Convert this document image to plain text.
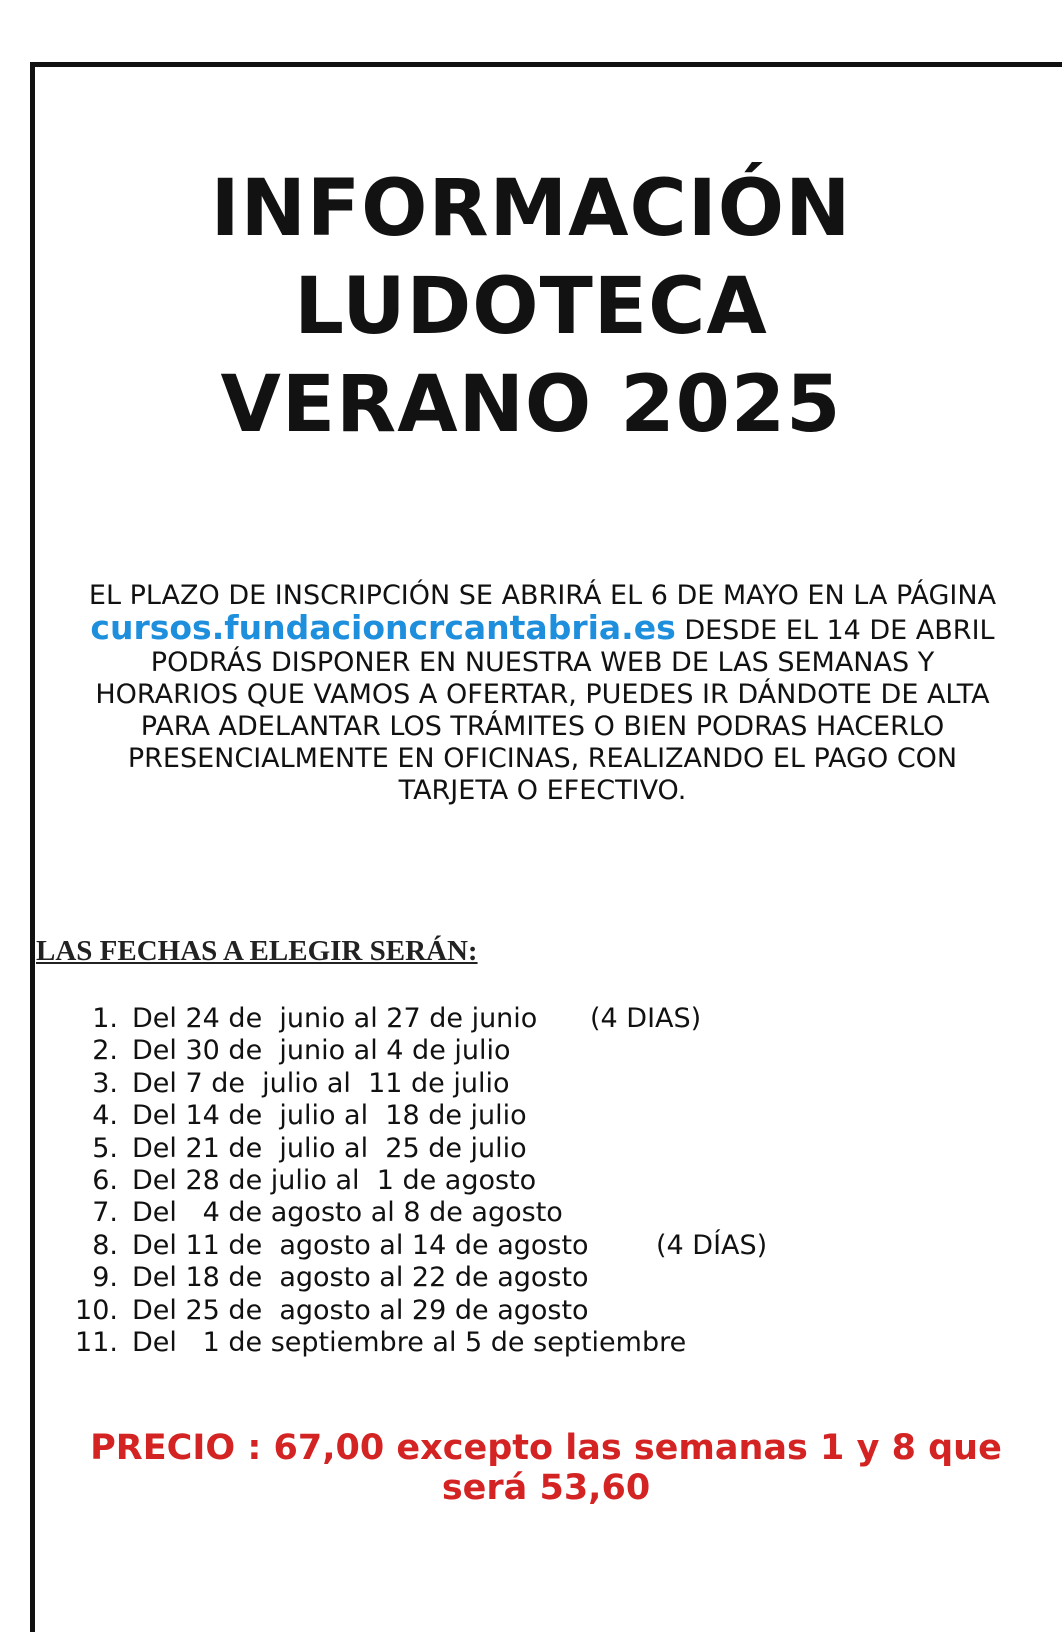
INFORMACIÓN
LUDOTECA
VERANO 2025
EL PLAZO DE INSCRIPCIÓN SE ABRIRÁ EL 6 DE MAYO EN LA PÁGINA
cursos.fundacioncrcantabria.es DESDE EL 14 DE ABRIL
PODRÁS DISPONER EN NUESTRA WEB DE LAS SEMANAS Y
HORARIOS QUE VAMOS A OFERTAR, PUEDES IR DÁNDOTE DE ALTA
PARA ADELANTAR LOS TRÁMITES O BIEN PODRAS HACERLO
PRESENCIALMENTE EN OFICINAS, REALIZANDO EL PAGO CON
TARJETA O EFECTIVO.
LAS FECHAS A ELEGIR SERÁN:
1. Del 24 de  junio al 27 de junio (4 DIAS)
2. Del 30 de  junio al 4 de julio
3. Del 7 de  julio al  11 de julio
4. Del 14 de  julio al  18 de julio
5. Del 21 de  julio al  25 de julio
6. Del 28 de julio al  1 de agosto
7. Del   4 de agosto al 8 de agosto
8. Del 11 de  agosto al 14 de agosto (4 DÍAS)
9. Del 18 de  agosto al 22 de agosto
10. Del 25 de  agosto al 29 de agosto
11. Del   1 de septiembre al 5 de septiembre
PRECIO : 67,00 excepto las semanas 1 y 8 que
será 53,60
